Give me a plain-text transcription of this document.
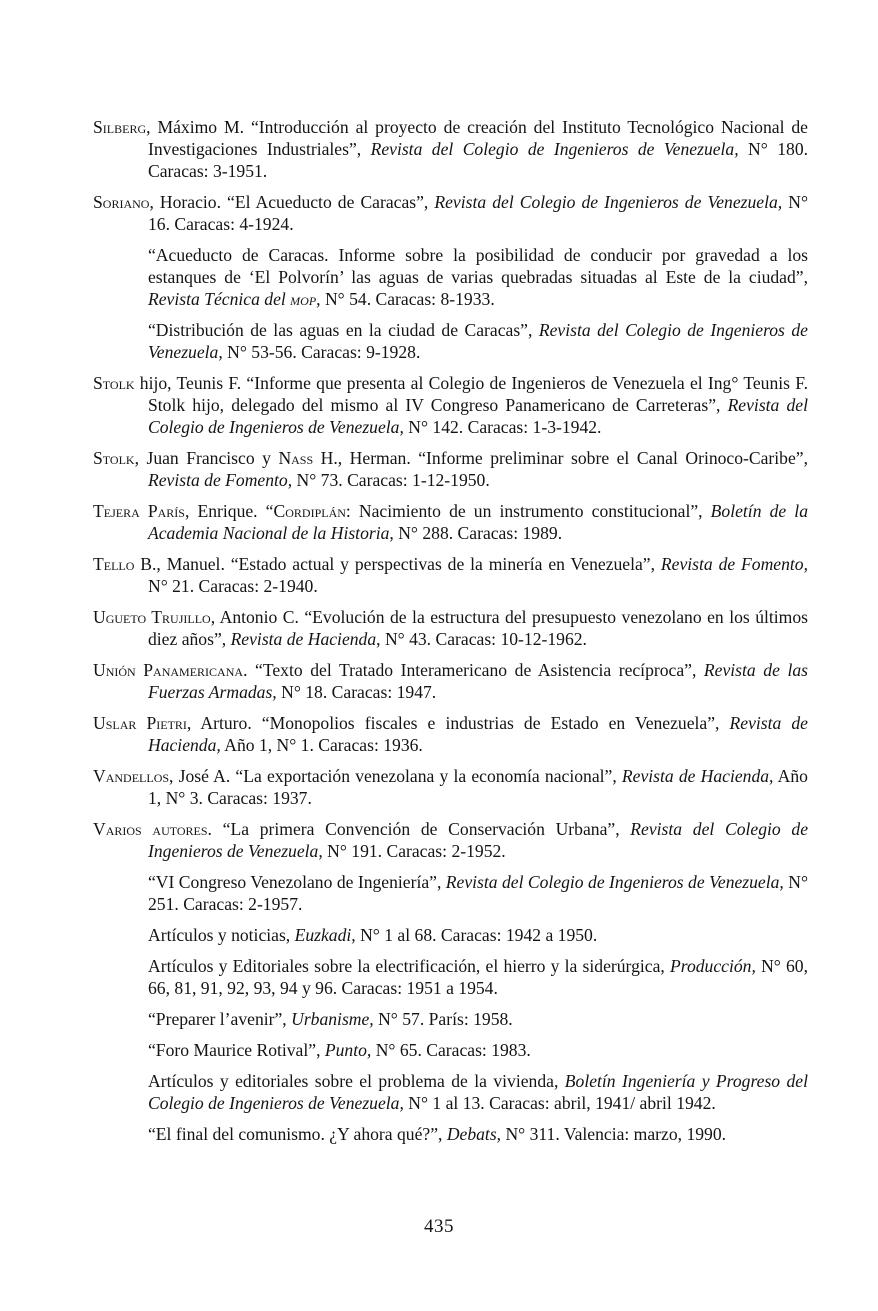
Silberg, Máximo M. “Introducción al proyecto de creación del Instituto Tecnológico Nacional de Investigaciones Industriales”, Revista del Colegio de Ingenieros de Venezuela, N° 180. Caracas: 3-1951.

Soriano, Horacio. “El Acueducto de Caracas”, Revista del Colegio de Ingenieros de Venezuela, N° 16. Caracas: 4-1924.

“Acueducto de Caracas. Informe sobre la posibilidad de conducir por gravedad a los estanques de ‘El Polvorín’ las aguas de varias quebradas situadas al Este de la ciudad”, Revista Técnica del mop, N° 54. Caracas: 8-1933.

“Distribución de las aguas en la ciudad de Caracas”, Revista del Colegio de Ingenieros de Venezuela, N° 53-56. Caracas: 9-1928.

Stolk hijo, Teunis F. “Informe que presenta al Colegio de Ingenieros de Venezuela el Ing° Teunis F. Stolk hijo, delegado del mismo al IV Congreso Panamericano de Carreteras”, Revista del Colegio de Ingenieros de Venezuela, N° 142. Caracas: 1-3-1942.

Stolk, Juan Francisco y Nass H., Herman. “Informe preliminar sobre el Canal Orinoco-Caribe”, Revista de Fomento, N° 73. Caracas: 1-12-1950.

Tejera París, Enrique. “Cordiplán: Nacimiento de un instrumento constitucional”, Boletín de la Academia Nacional de la Historia, N° 288. Caracas: 1989.

Tello B., Manuel. “Estado actual y perspectivas de la minería en Venezuela”, Revista de Fomento, N° 21. Caracas: 2-1940.

Ugueto Trujillo, Antonio C. “Evolución de la estructura del presupuesto venezolano en los últimos diez años”, Revista de Hacienda, N° 43. Caracas: 10-12-1962.

Unión Panamericana. “Texto del Tratado Interamericano de Asistencia recíproca”, Revista de las Fuerzas Armadas, N° 18. Caracas: 1947.

Uslar Pietri, Arturo. “Monopolios fiscales e industrias de Estado en Venezuela”, Revista de Hacienda, Año 1, N° 1. Caracas: 1936.

Vandellos, José A. “La exportación venezolana y la economía nacional”, Revista de Hacienda, Año 1, N° 3. Caracas: 1937.

Varios autores. “La primera Convención de Conservación Urbana”, Revista del Colegio de Ingenieros de Venezuela, N° 191. Caracas: 2-1952.

“VI Congreso Venezolano de Ingeniería”, Revista del Colegio de Ingenieros de Venezuela, N° 251. Caracas: 2-1957.

Artículos y noticias, Euzkadi, N° 1 al 68. Caracas: 1942 a 1950.

Artículos y Editoriales sobre la electrificación, el hierro y la siderúrgica, Producción, N° 60, 66, 81, 91, 92, 93, 94 y 96. Caracas: 1951 a 1954.

“Preparer l’avenir”, Urbanisme, N° 57. París: 1958.

“Foro Maurice Rotival”, Punto, N° 65. Caracas: 1983.

Artículos y editoriales sobre el problema de la vivienda, Boletín Ingeniería y Progreso del Colegio de Ingenieros de Venezuela, N° 1 al 13. Caracas: abril, 1941/ abril 1942.

“El final del comunismo. ¿Y ahora qué?”, Debats, N° 311. Valencia: marzo, 1990.

435
